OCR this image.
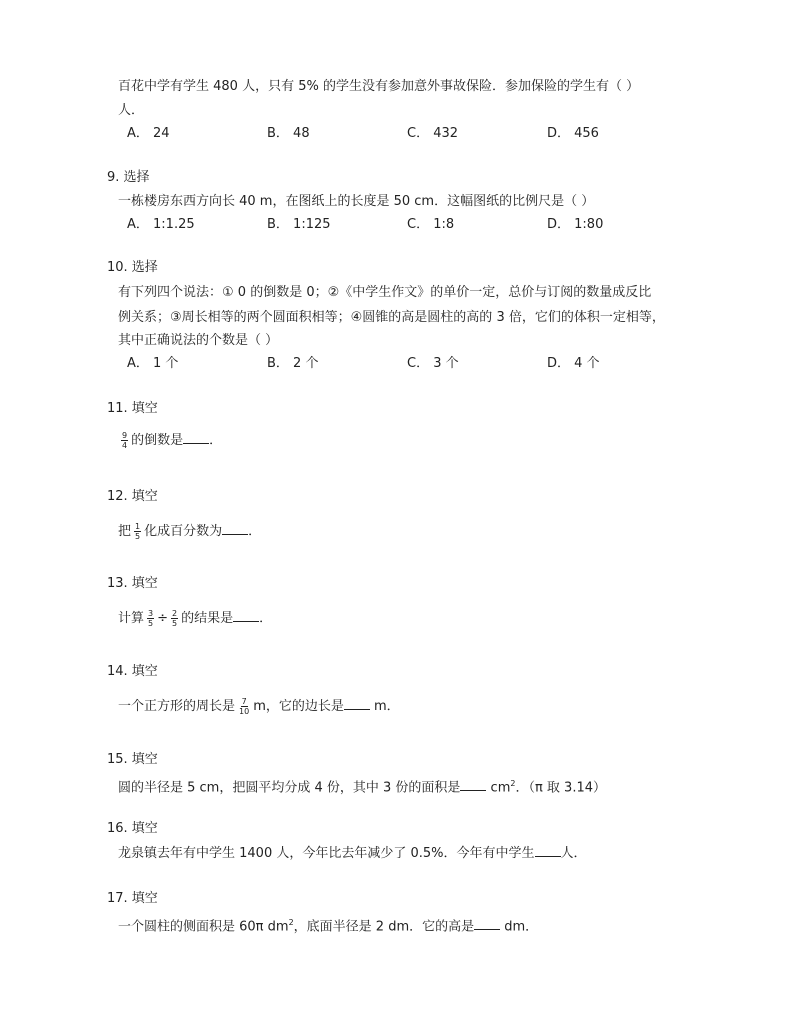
百花中学有学生 480 人，只有 5% 的学生没有参加意外事故保险．参加保险的学生有（ ）
人．
A． 24	B． 48	C． 432	D． 456
9. 选择
一栋楼房东西方向长 40 m，在图纸上的长度是 50 cm．这幅图纸的比例尺是（ ）
A． 1:1.25	B． 1:125	C． 1:8	D． 1:80
10. 选择
有下列四个说法：① 0 的倒数是 0；②《中学生作文》的单价一定，总价与订阅的数量成反比
例关系；③周长相等的两个圆面积相等；④圆锥的高是圆柱的高的 3 倍，它们的体积一定相等，
其中正确说法的个数是（ ）
A． 1 个	B． 2 个	C． 3 个	D． 4 个
11. 填空
$\frac{9}{4}$ 的倒数是 ．
12. 填空
把 $\frac{1}{5}$ 化成百分数为 ．
13. 填空
计算 $\frac{3}{5} \div \frac{2}{5}$ 的结果是 ．
14. 填空
一个正方形的周长是 $\frac{7}{10}$ m，它的边长是 m．
15. 填空
圆的半径是 5 cm，把圆平均分成 4 份，其中 3 份的面积是 $cm^2$．（π 取 3.14）
16. 填空
龙泉镇去年有中学生 1400 人，今年比去年减少了 0.5%．今年有中学生 人．
17. 填空
一个圆柱的侧面积是 60π $dm^2$，底面半径是 2 dm．它的高是 dm．
